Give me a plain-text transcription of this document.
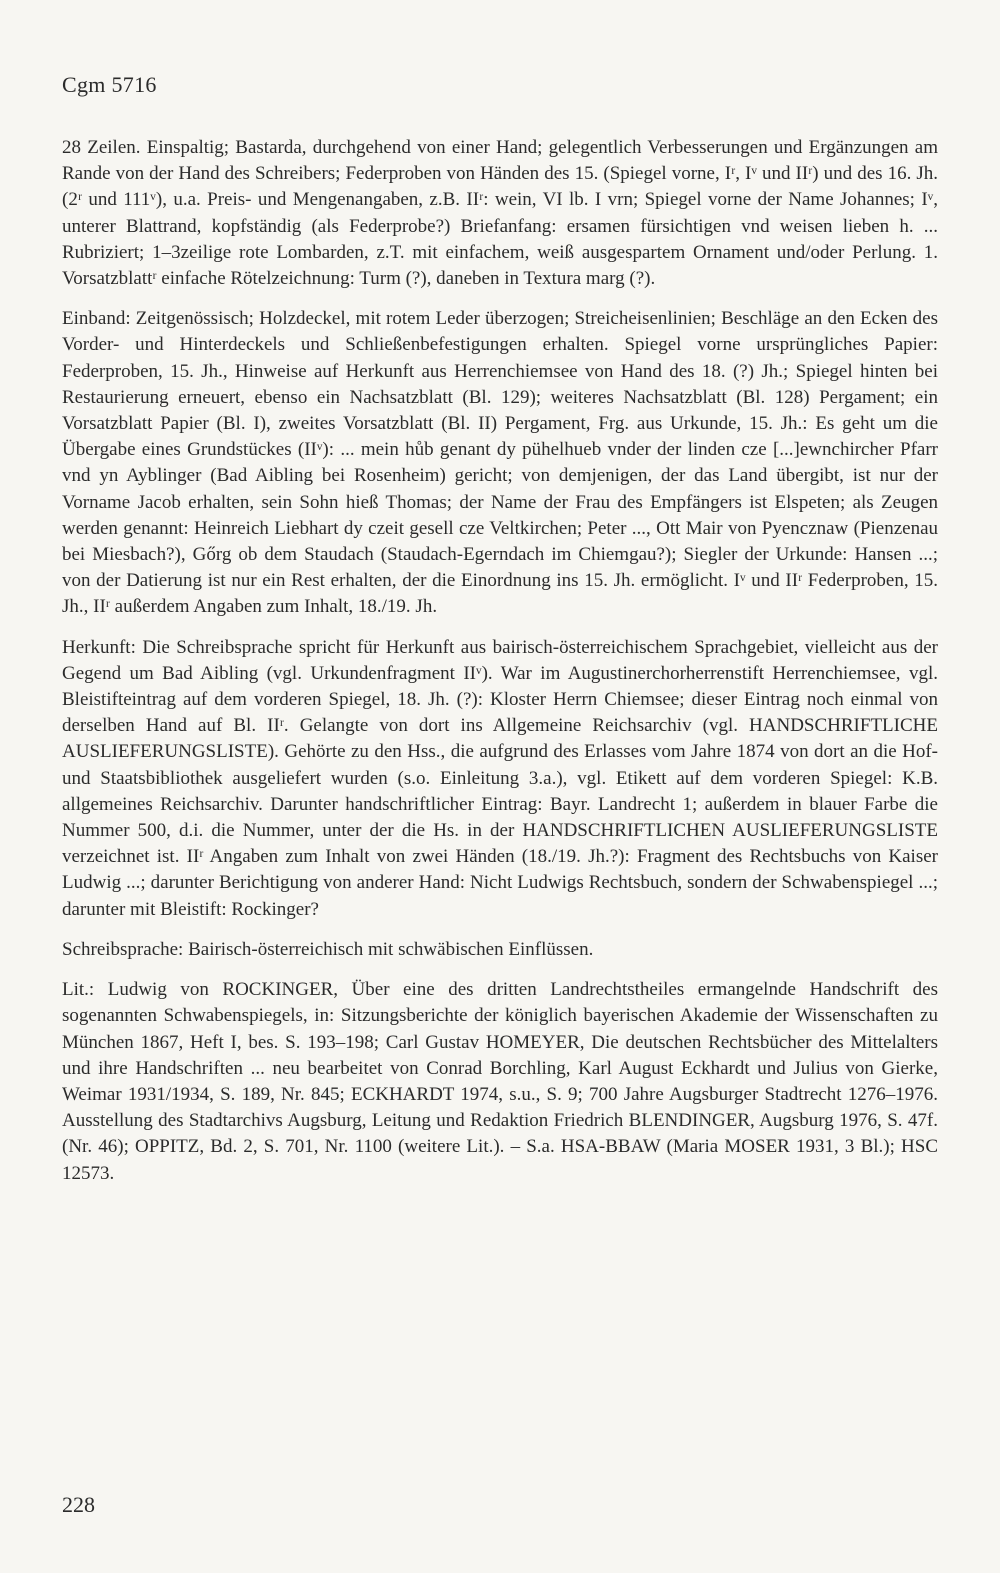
Cgm 5716

28 Zeilen. Einspaltig; Bastarda, durchgehend von einer Hand; gelegentlich Verbesserungen und Ergänzungen am Rande von der Hand des Schreibers; Federproben von Händen des 15. (Spiegel vorne, Iʳ, Iᵛ und IIʳ) und des 16. Jh. (2ʳ und 111ᵛ), u.a. Preis- und Mengenangaben, z.B. IIʳ: wein, VI lb. I vrn; Spiegel vorne der Name Johannes; Iᵛ, unterer Blattrand, kopfständig (als Federprobe?) Briefanfang: ersamen fürsichtigen vnd weisen lieben h. ... Rubriziert; 1–3zeilige rote Lombarden, z.T. mit einfachem, weiß ausgespartem Ornament und/oder Perlung. 1. Vorsatzblattʳ einfache Rötelzeichnung: Turm (?), daneben in Textura marg (?).

Einband: Zeitgenössisch; Holzdeckel, mit rotem Leder überzogen; Streicheisenlinien; Beschläge an den Ecken des Vorder- und Hinterdeckels und Schließenbefestigungen erhalten. Spiegel vorne ursprüngliches Papier: Federproben, 15. Jh., Hinweise auf Herkunft aus Herrenchiemsee von Hand des 18. (?) Jh.; Spiegel hinten bei Restaurierung erneuert, ebenso ein Nachsatzblatt (Bl. 129); weiteres Nachsatzblatt (Bl. 128) Pergament; ein Vorsatzblatt Papier (Bl. I), zweites Vorsatzblatt (Bl. II) Pergament, Frg. aus Urkunde, 15. Jh.: Es geht um die Übergabe eines Grundstückes (IIᵛ): ... mein hůb genant dy pühelhueb vnder der linden cze [...]ewnchircher Pfarr vnd yn Ayblinger (Bad Aibling bei Rosenheim) gericht; von demjenigen, der das Land übergibt, ist nur der Vorname Jacob erhalten, sein Sohn hieß Thomas; der Name der Frau des Empfängers ist Elspeten; als Zeugen werden genannt: Heinreich Liebhart dy czeit gesell cze Veltkirchen; Peter ..., Ott Mair von Pyencznaw (Pienzenau bei Miesbach?), Gőrg ob dem Staudach (Staudach-Egerndach im Chiemgau?); Siegler der Urkunde: Hansen ...; von der Datierung ist nur ein Rest erhalten, der die Einordnung ins 15. Jh. ermöglicht. Iᵛ und IIʳ Federproben, 15. Jh., IIʳ außerdem Angaben zum Inhalt, 18./19. Jh.

Herkunft: Die Schreibsprache spricht für Herkunft aus bairisch-österreichischem Sprachgebiet, vielleicht aus der Gegend um Bad Aibling (vgl. Urkundenfragment IIᵛ). War im Augustinerchorherrenstift Herrenchiemsee, vgl. Bleistifteintrag auf dem vorderen Spiegel, 18. Jh. (?): Kloster Herrn Chiemsee; dieser Eintrag noch einmal von derselben Hand auf Bl. IIʳ. Gelangte von dort ins Allgemeine Reichsarchiv (vgl. HANDSCHRIFTLICHE AUSLIEFERUNGSLISTE). Gehörte zu den Hss., die aufgrund des Erlasses vom Jahre 1874 von dort an die Hof- und Staatsbibliothek ausgeliefert wurden (s.o. Einleitung 3.a.), vgl. Etikett auf dem vorderen Spiegel: K.B. allgemeines Reichsarchiv. Darunter handschriftlicher Eintrag: Bayr. Landrecht 1; außerdem in blauer Farbe die Nummer 500, d.i. die Nummer, unter der die Hs. in der HANDSCHRIFTLICHEN AUSLIEFERUNGSLISTE verzeichnet ist. IIʳ Angaben zum Inhalt von zwei Händen (18./19. Jh.?): Fragment des Rechtsbuchs von Kaiser Ludwig ...; darunter Berichtigung von anderer Hand: Nicht Ludwigs Rechtsbuch, sondern der Schwabenspiegel ...; darunter mit Bleistift: Rockinger?

Schreibsprache: Bairisch-österreichisch mit schwäbischen Einflüssen.

Lit.: Ludwig von ROCKINGER, Über eine des dritten Landrechtstheiles ermangelnde Handschrift des sogenannten Schwabenspiegels, in: Sitzungsberichte der königlich bayerischen Akademie der Wissenschaften zu München 1867, Heft I, bes. S. 193–198; Carl Gustav HOMEYER, Die deutschen Rechtsbücher des Mittelalters und ihre Handschriften ... neu bearbeitet von Conrad Borchling, Karl August Eckhardt und Julius von Gierke, Weimar 1931/1934, S. 189, Nr. 845; ECKHARDT 1974, s.u., S. 9; 700 Jahre Augsburger Stadtrecht 1276–1976. Ausstellung des Stadtarchivs Augsburg, Leitung und Redaktion Friedrich BLENDINGER, Augsburg 1976, S. 47f. (Nr. 46); OPPITZ, Bd. 2, S. 701, Nr. 1100 (weitere Lit.). – S.a. HSA-BBAW (Maria MOSER 1931, 3 Bl.); HSC 12573.

228
